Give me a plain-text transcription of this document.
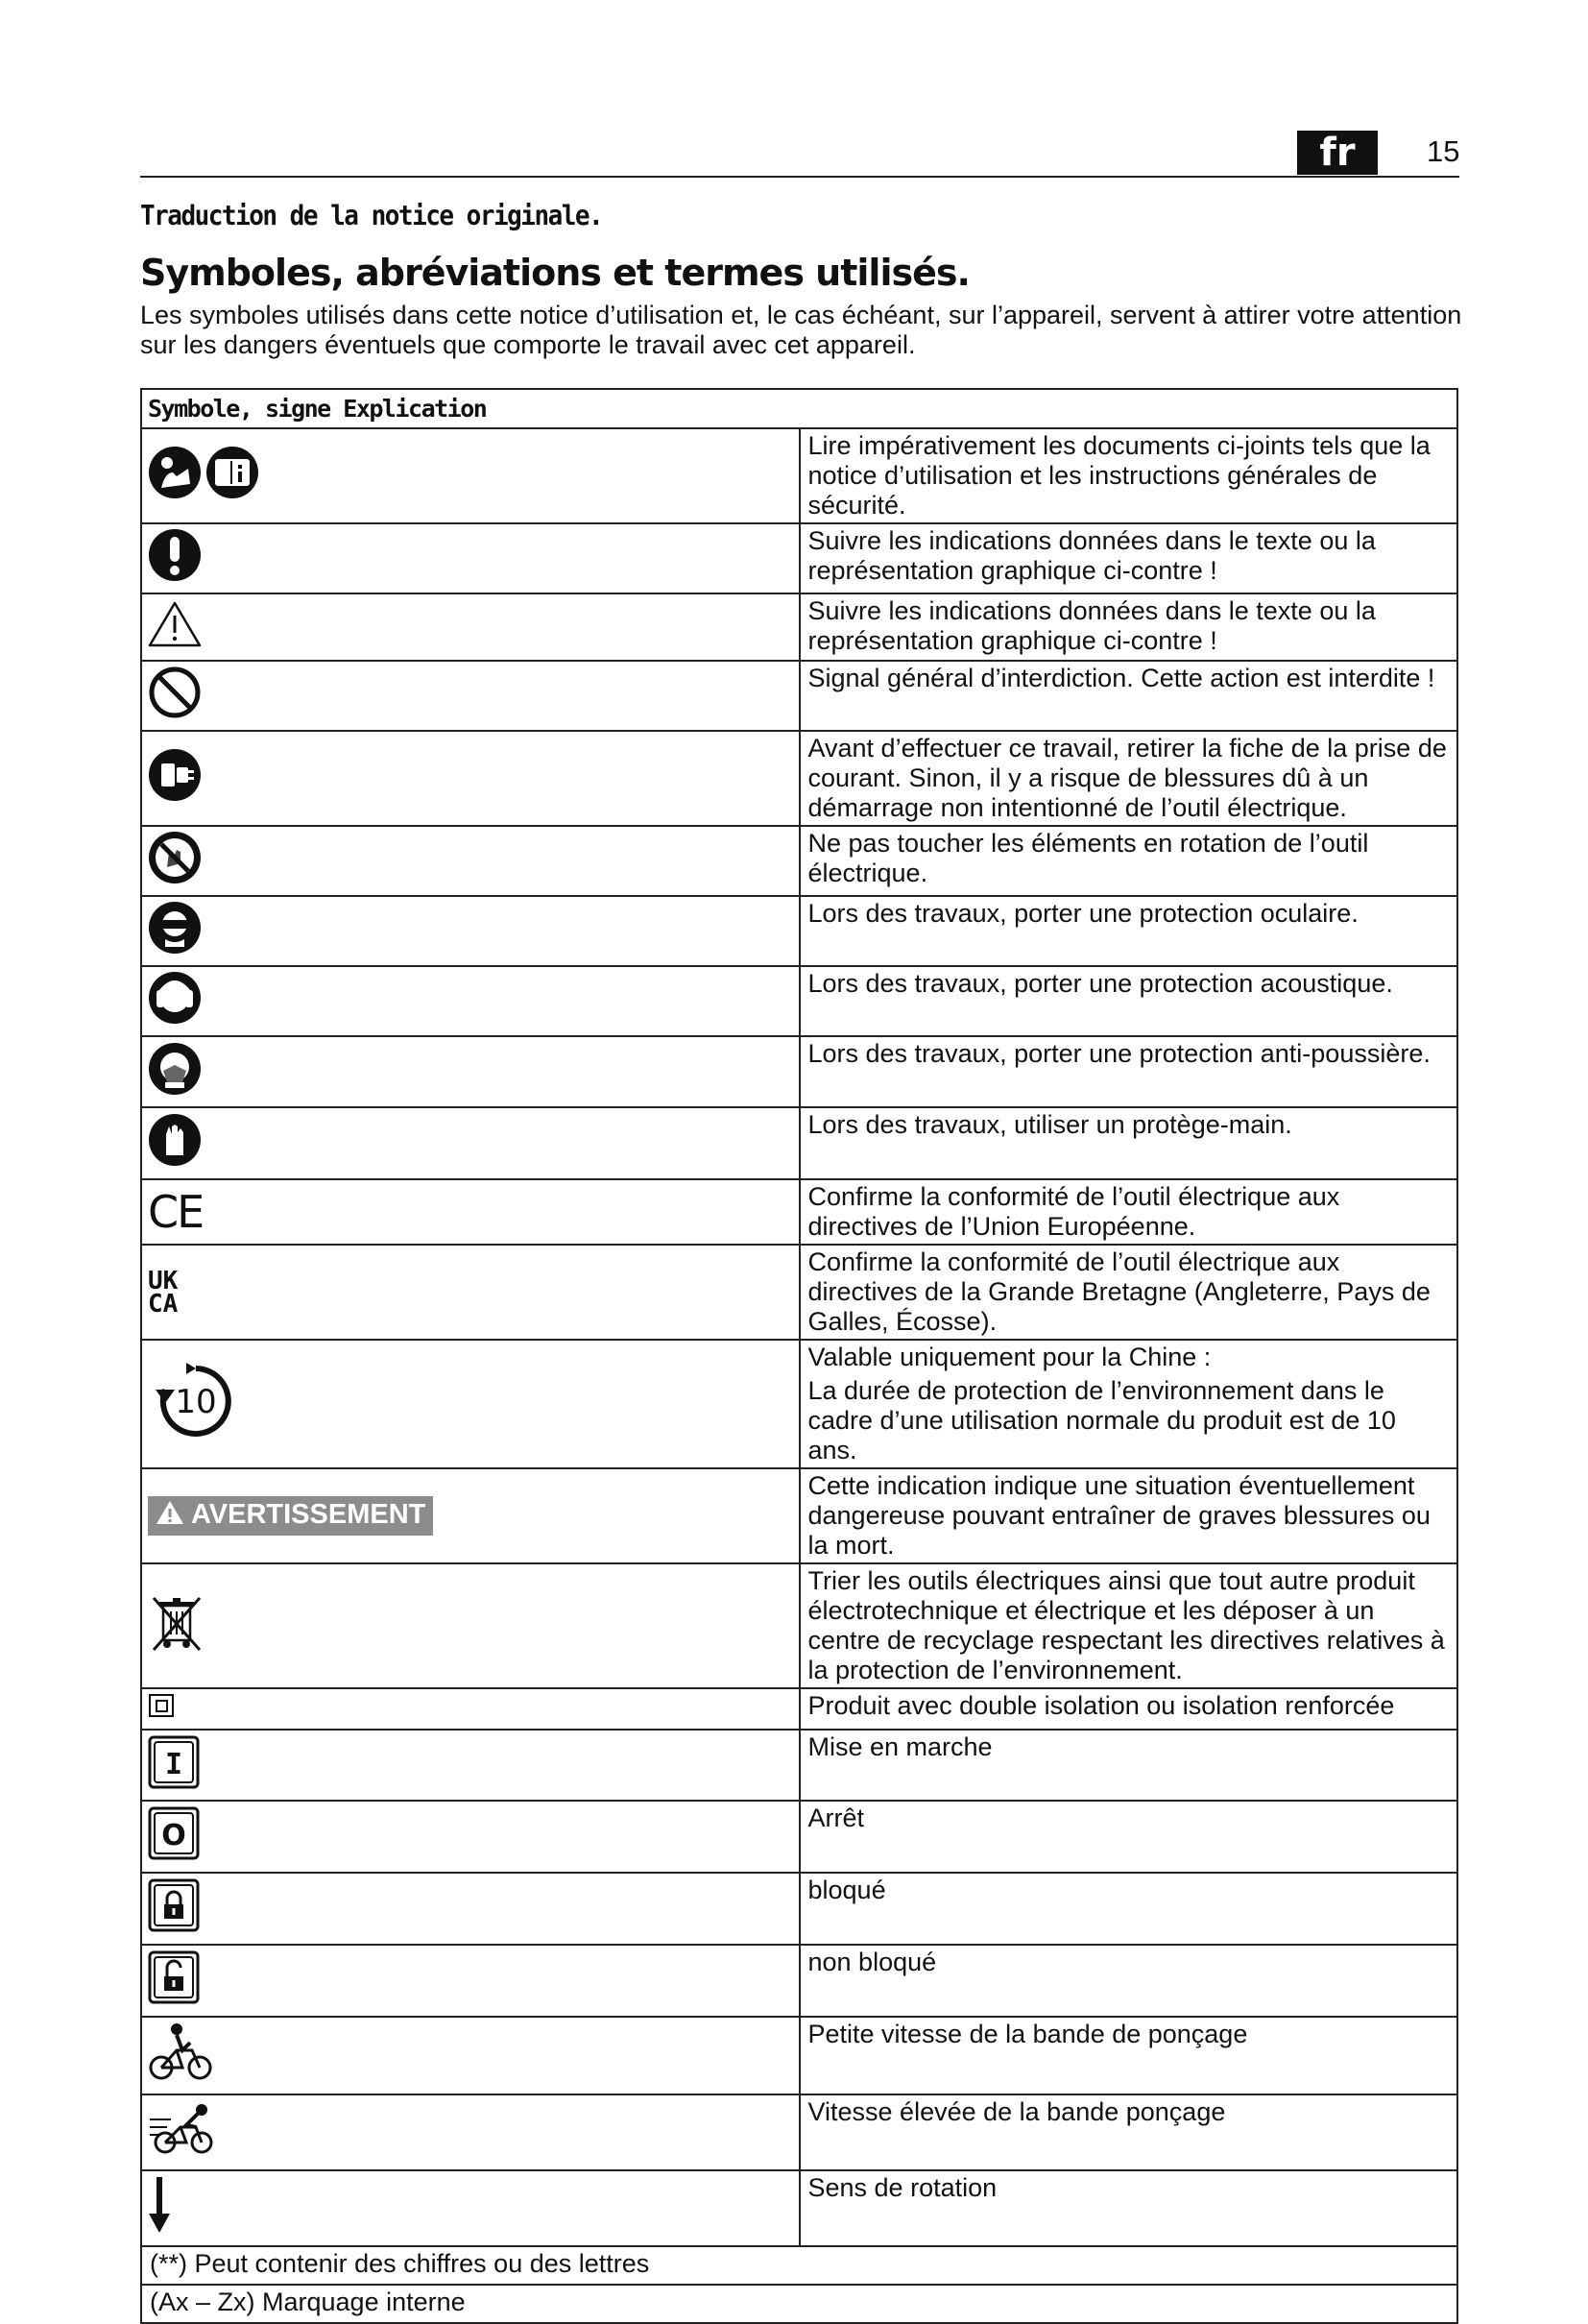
fr	15
Traduction de la notice originale.
Symboles, abréviations et termes utilisés.

Les symboles utilisés dans cette notice d’utilisation et, le cas échéant, sur l’appareil, servent à attirer votre attention sur les dangers éventuels que comporte le travail avec cet appareil.

Symbole, signe Explication	
	Lire impérativement les documents ci-joints tels que la notice d’utilisation et les instructions générales de sécurité.
	Suivre les indications données dans le texte ou la représentation graphique ci-contre !
	Suivre les indications données dans le texte ou la représentation graphique ci-contre !
	Signal général d’interdiction. Cette action est interdite !
	Avant d’effectuer ce travail, retirer la fiche de la prise de courant. Sinon, il y a risque de blessures dû à un démarrage non intentionné de l’outil électrique.
	Ne pas toucher les éléments en rotation de l’outil électrique.
	Lors des travaux, porter une protection oculaire.
	Lors des travaux, porter une protection acoustique.
	Lors des travaux, porter une protection anti-poussière.
	Lors des travaux, utiliser un protège-main.
CE	Confirme la conformité de l’outil électrique aux directives de l’Union Européenne.

UK
CA	Confirme la conformité de l’outil électrique aux directives de la Grande Bretagne (Angleterre, Pays de Galles, Écosse).

10	Valable uniquement pour la Chine :
La durée de protection de l’environnement dans le cadre d’une utilisation normale du produit est de 10 ans.

AVERTISSEMENT	Cette indication indique une situation éventuellement dangereuse pouvant entraîner de graves blessures ou la mort.
	Trier les outils électriques ainsi que tout autre produit électrotechnique et électrique et les déposer à un centre de recyclage respectant les directives relatives à la protection de l’environnement.
	Produit avec double isolation ou isolation renforcée

I	Mise en marche

O	Arrêt
	bloqué
	non bloqué
	Petite vitesse de la bande de ponçage
	Vitesse élevée de la bande ponçage
	Sens de rotation
(**) Peut contenir des chiffres ou des lettres	
(Ax – Zx) Marquage interne	
